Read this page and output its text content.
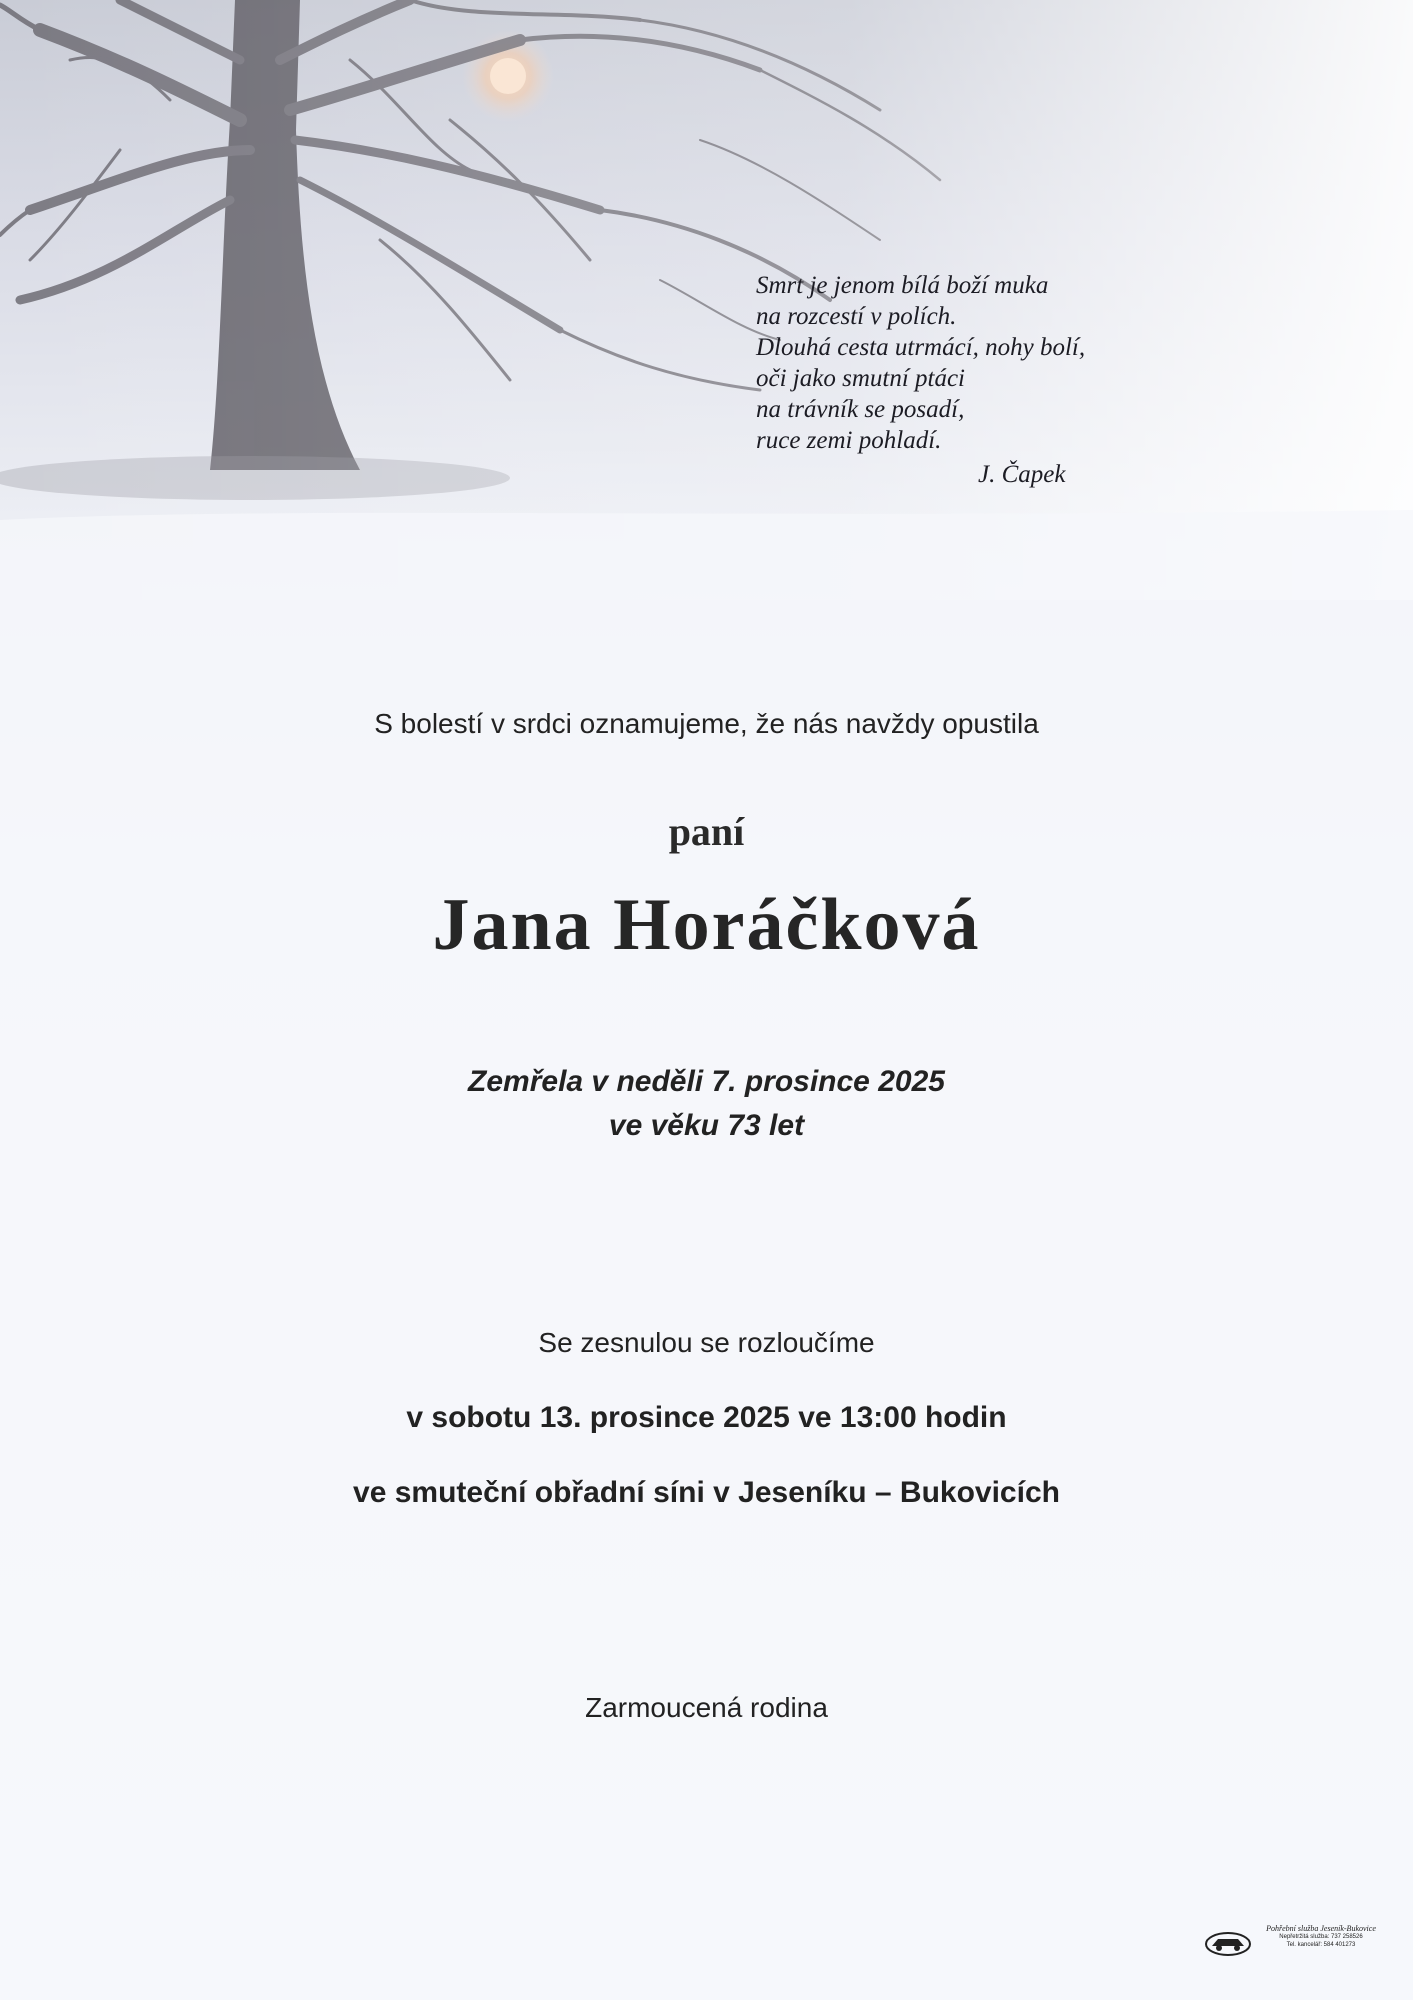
Smrt je jenom bílá boží muka
na rozcestí v polích.
Dlouhá cesta utrmácí, nohy bolí,
oči jako smutní ptáci
na trávník se posadí,
ruce zemi pohladí.
J. Čapek
S bolestí v srdci oznamujeme, že nás navždy opustila
paní
Jana Horáčková
Zemřela v neděli 7. prosince 2025
ve věku 73 let
Se zesnulou se rozloučíme
v sobotu 13. prosince 2025 ve 13:00 hodin
ve smuteční obřadní síni v Jeseníku – Bukovicích
Zarmoucená rodina
Pohřební služba Jeseník-Bukovice
Nepřetržitá služba: 737 258526
Tel. kancelář: 584 401273
